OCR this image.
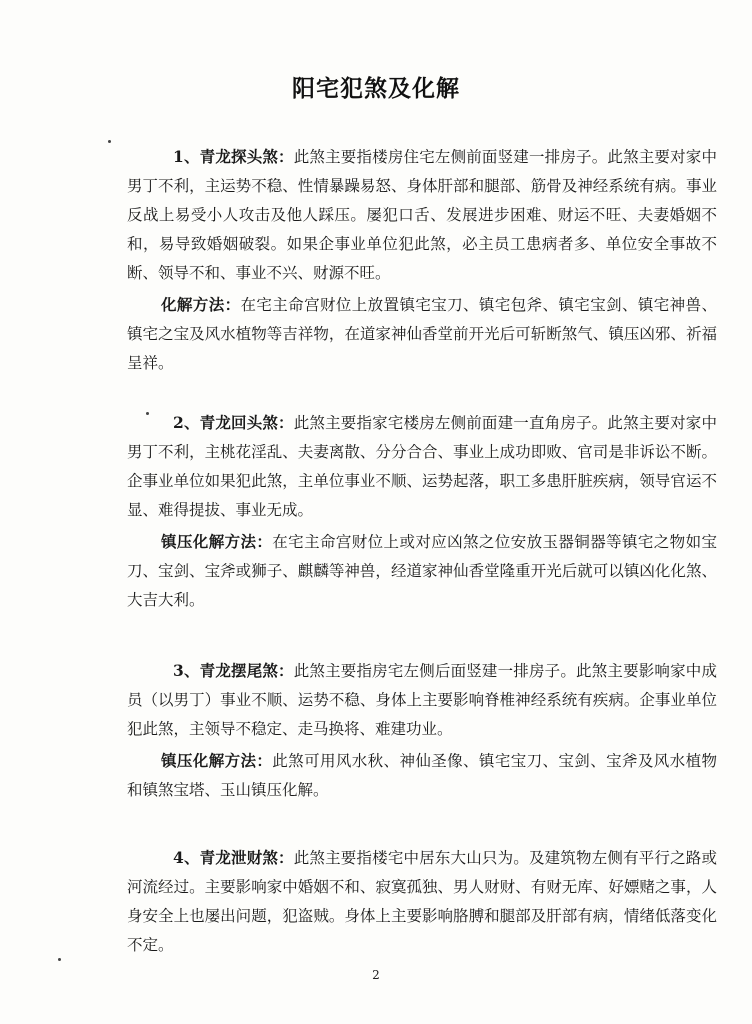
阳宅犯煞及化解

1、青龙探头煞：此煞主要指楼房住宅左侧前面竖建一排房子。此煞主要对家中男丁不利，主运势不稳、性情暴躁易怒、身体肝部和腿部、筋骨及神经系统有病。事业反战上易受小人攻击及他人踩压。屡犯口舌、发展进步困难、财运不旺、夫妻婚姻不和，易导致婚姻破裂。如果企事业单位犯此煞，必主员工患病者多、单位安全事故不断、领导不和、事业不兴、财源不旺。

化解方法：在宅主命宫财位上放置镇宅宝刀、镇宅包斧、镇宅宝剑、镇宅神兽、镇宅之宝及风水植物等吉祥物，在道家神仙香堂前开光后可斩断煞气、镇压凶邪、祈福呈祥。

2、青龙回头煞：此煞主要指家宅楼房左侧前面建一直角房子。此煞主要对家中男丁不利，主桃花淫乱、夫妻离散、分分合合、事业上成功即败、官司是非诉讼不断。企事业单位如果犯此煞，主单位事业不顺、运势起落，职工多患肝脏疾病，领导官运不显、难得提拔、事业无成。

镇压化解方法：在宅主命宫财位上或对应凶煞之位安放玉器铜器等镇宅之物如宝刀、宝剑、宝斧或狮子、麒麟等神兽，经道家神仙香堂隆重开光后就可以镇凶化化煞、大吉大利。

3、青龙摆尾煞：此煞主要指房宅左侧后面竖建一排房子。此煞主要影响家中成员（以男丁）事业不顺、运势不稳、身体上主要影响脊椎神经系统有疾病。企事业单位犯此煞，主领导不稳定、走马换将、难建功业。

镇压化解方法：此煞可用风水秋、神仙圣像、镇宅宝刀、宝剑、宝斧及风水植物和镇煞宝塔、玉山镇压化解。

4、青龙泄财煞：此煞主要指楼宅中居东大山只为。及建筑物左侧有平行之路或河流经过。主要影响家中婚姻不和、寂寞孤独、男人财财、有财无库、好嫖赌之事，人身安全上也屡出问题，犯盗贼。身体上主要影响胳膊和腿部及肝部有病，情绪低落变化不定。

2
